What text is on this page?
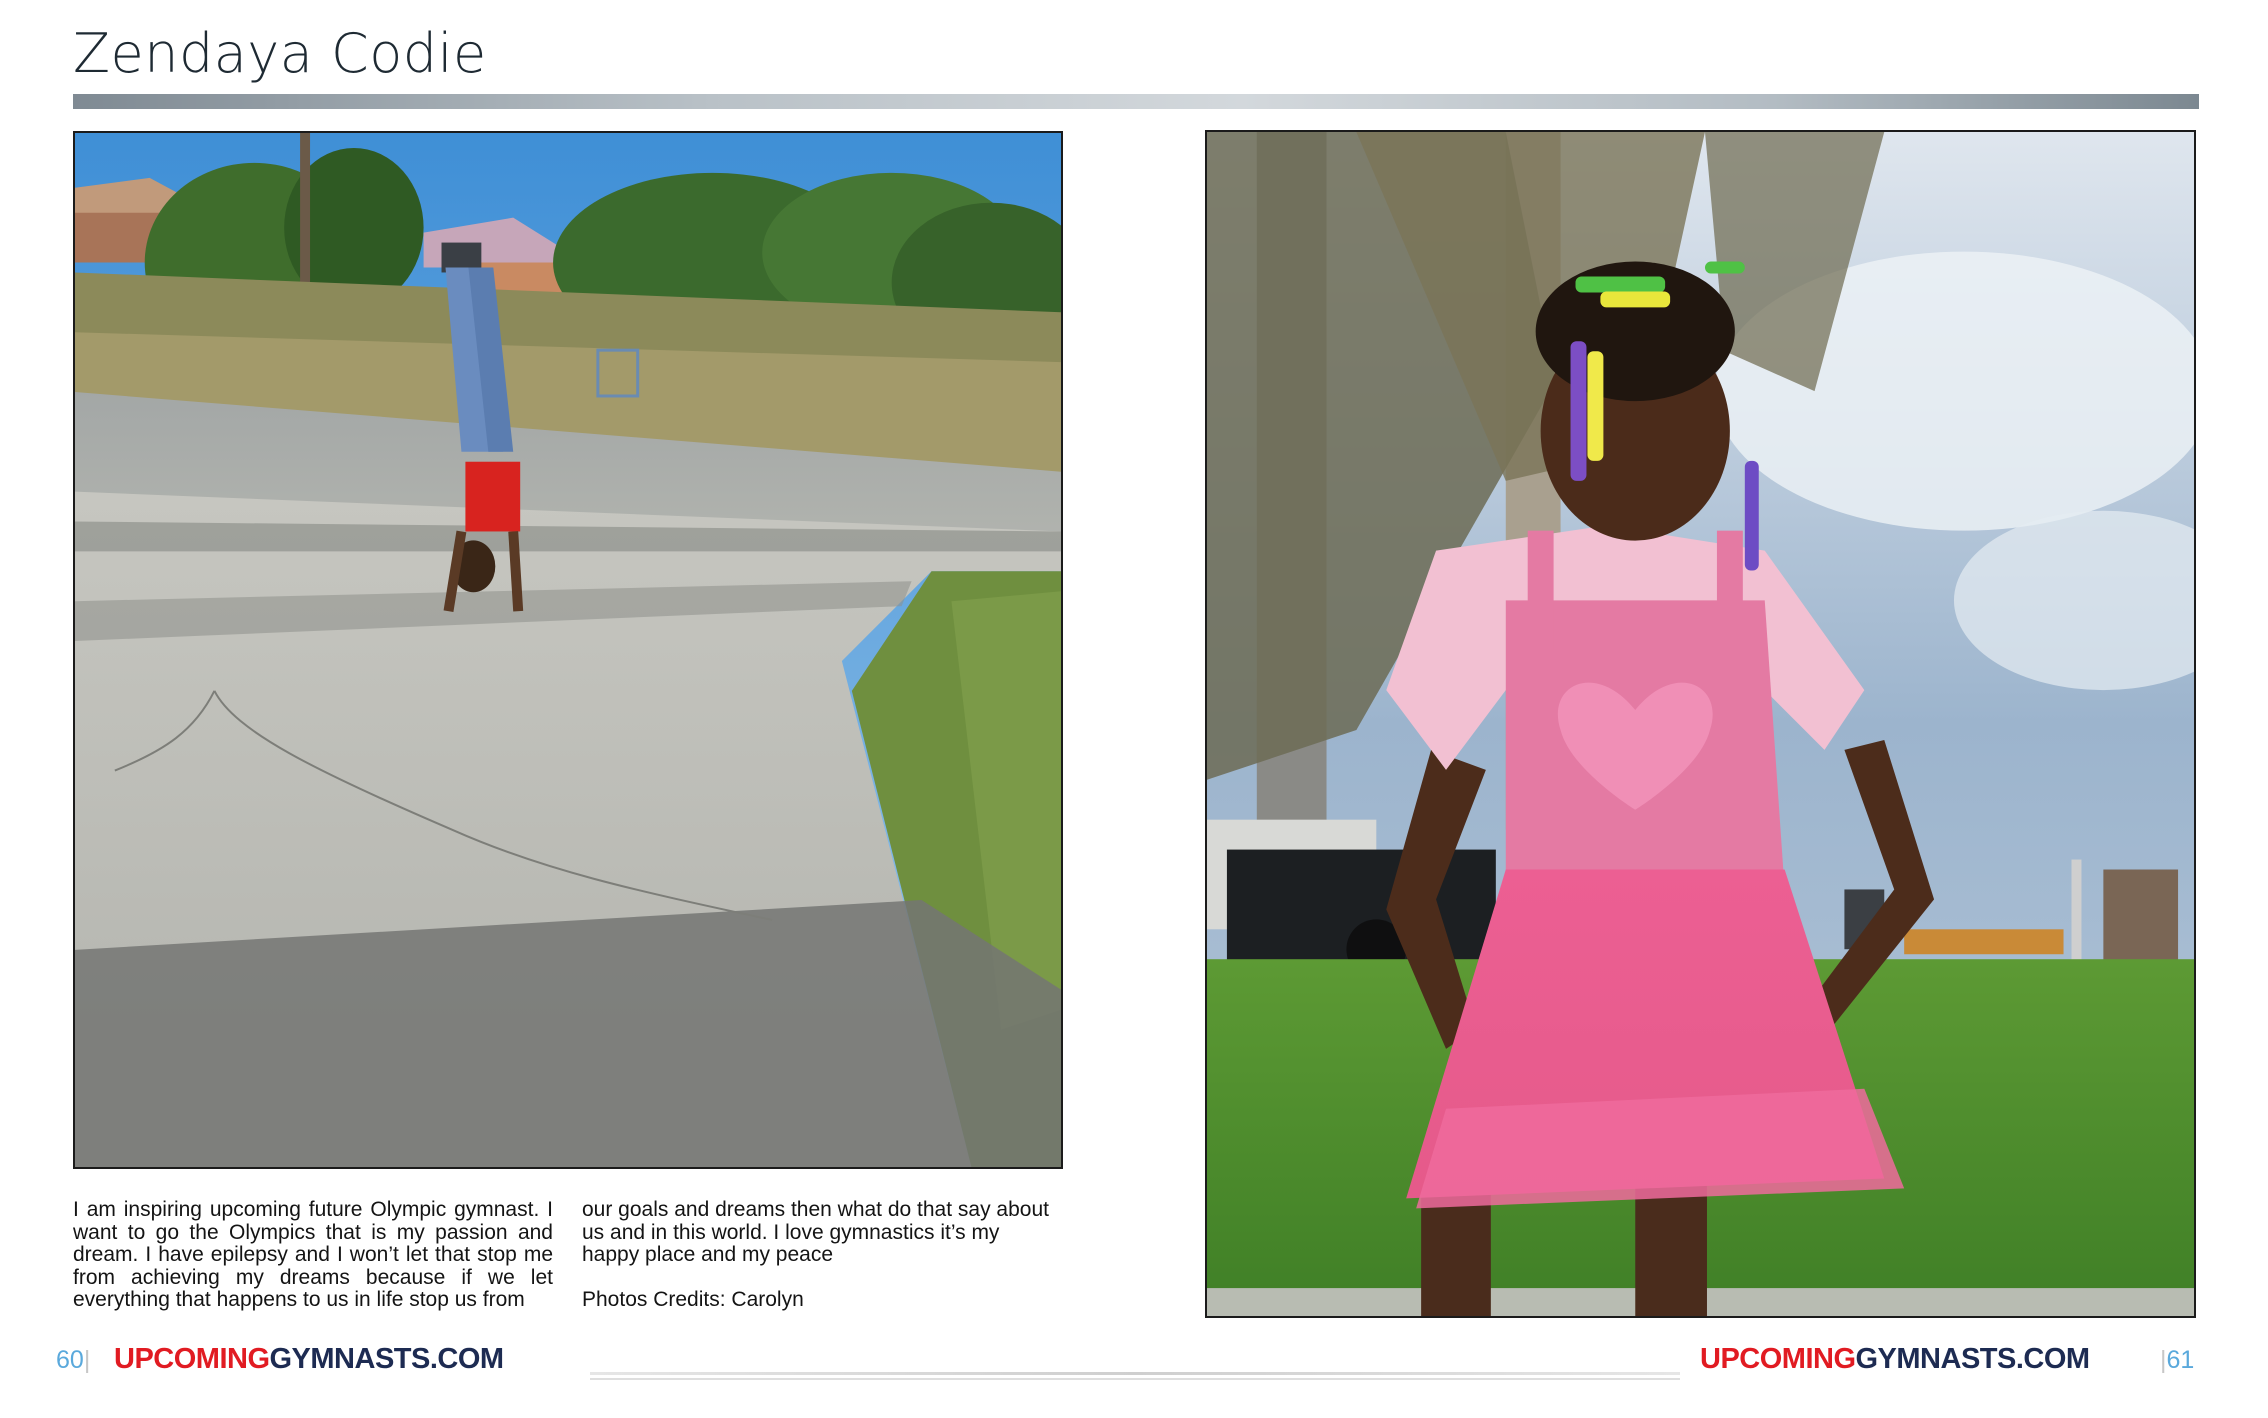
Zendaya Codie
I am inspiring upcoming future Olympic gymnast. I want to go the Olympics that is my passion and dream. I have epilepsy and I won’t let that stop me from achieving my dreams because if we let everything that happens to us in life stop us from
our goals and dreams then what do that say about us and in this world. I love gymnastics it’s my happy place and my peace
Photos Credits: Carolyn
60| UPCOMINGGYMNASTS.COM	UPCOMINGGYMNASTS.COM	|61
